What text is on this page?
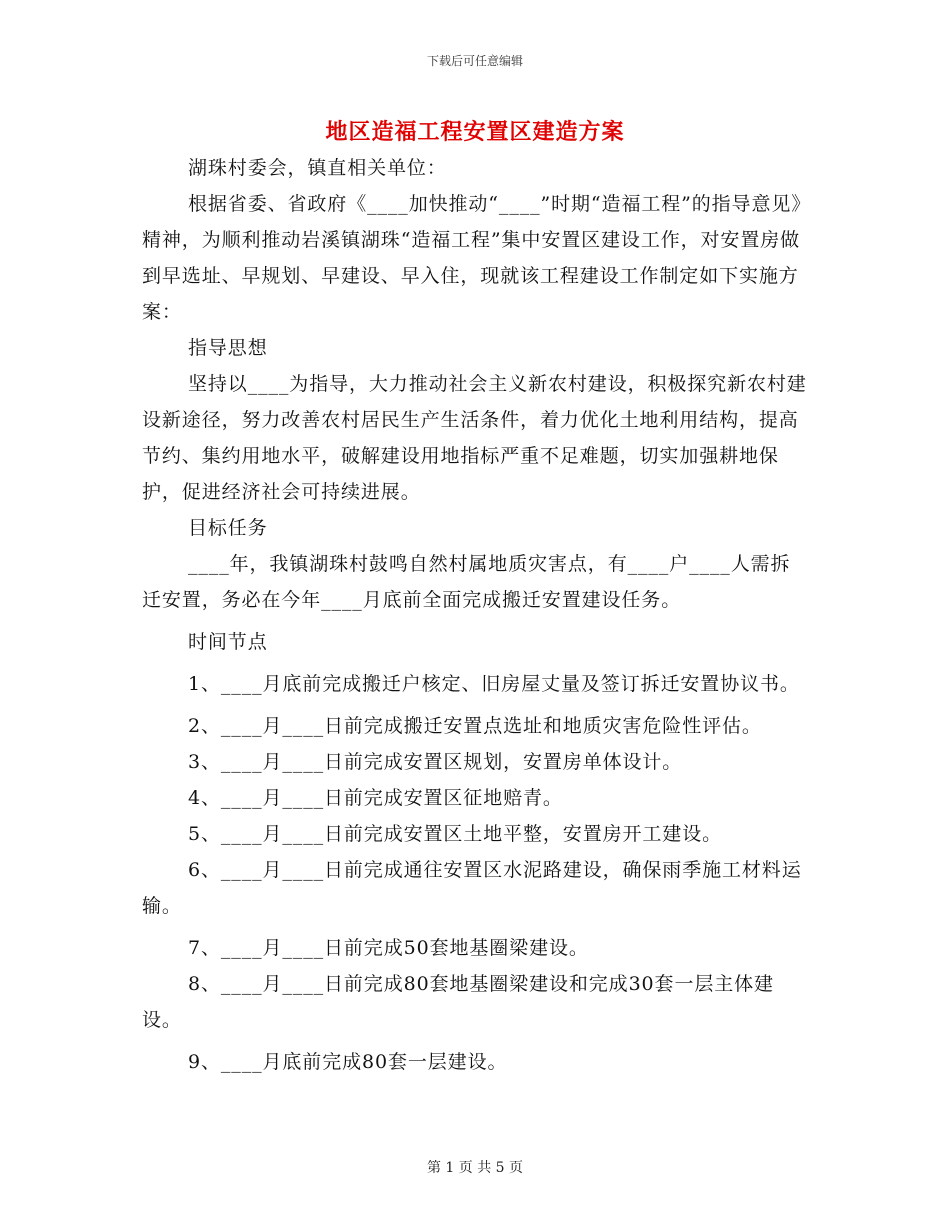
下载后可任意编辑
地区造福工程安置区建造方案

湖珠村委会，镇直相关单位：

根据省委、省政府《____加快推动“____”时期“造福工程”的指导意见》精神，为顺利推动岩溪镇湖珠“造福工程”集中安置区建设工作，对安置房做到早选址、早规划、早建设、早入住，现就该工程建设工作制定如下实施方案：

指导思想

坚持以____为指导，大力推动社会主义新农村建设，积极探究新农村建设新途径，努力改善农村居民生产生活条件，着力优化土地利用结构，提高节约、集约用地水平，破解建设用地指标严重不足难题，切实加强耕地保护，促进经济社会可持续进展。

目标任务

____年，我镇湖珠村鼓鸣自然村属地质灾害点，有____户____人需拆迁安置，务必在今年____月底前全面完成搬迁安置建设任务。

时间节点

1、____月底前完成搬迁户核定、旧房屋丈量及签订拆迁安置协议书。

2、____月____日前完成搬迁安置点选址和地质灾害危险性评估。

3、____月____日前完成安置区规划，安置房单体设计。

4、____月____日前完成安置区征地赔青。

5、____月____日前完成安置区土地平整，安置房开工建设。

6、____月____日前完成通往安置区水泥路建设，确保雨季施工材料运输。

7、____月____日前完成50套地基圈梁建设。

8、____月____日前完成80套地基圈梁建设和完成30套一层主体建设。

9、____月底前完成80套一层建设。

第 1 页 共 5 页
